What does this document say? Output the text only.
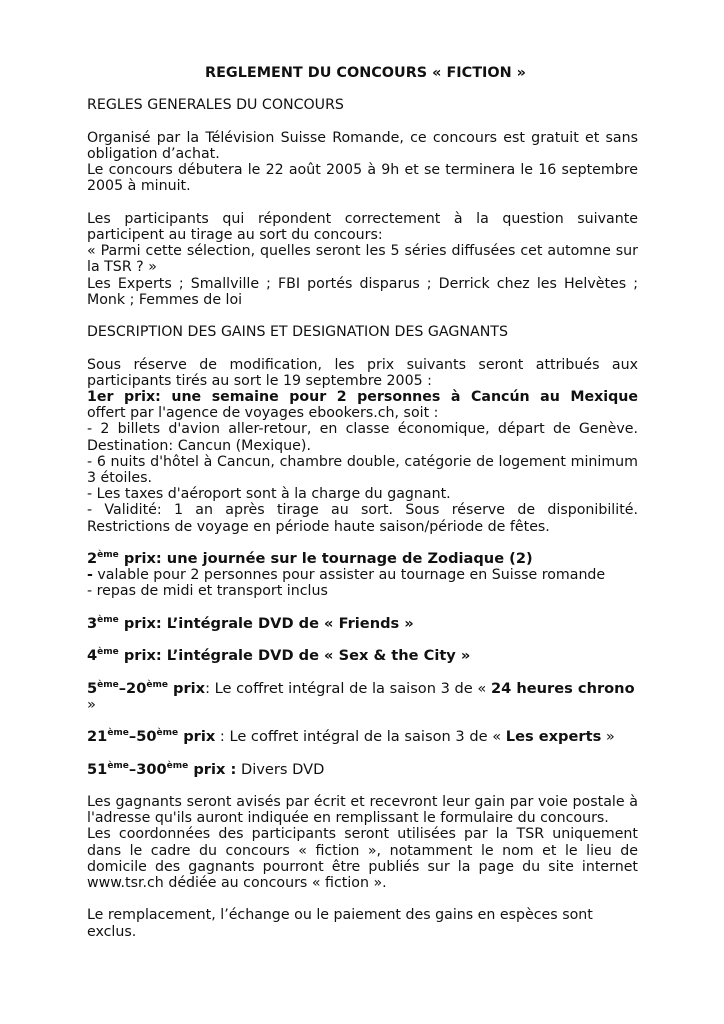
REGLEMENT DU CONCOURS « FICTION »

REGLES GENERALES DU CONCOURS

Organisé par la Télévision Suisse Romande, ce concours est gratuit et sans obligation d’achat.

Le concours débutera le 22 août 2005 à 9h et se terminera le 16 septembre 2005 à minuit.

Les participants qui répondent correctement à la question suivante participent au tirage au sort du concours:

« Parmi cette sélection, quelles seront les 5 séries diffusées cet automne sur la TSR ? »

Les Experts ; Smallville ; FBI portés disparus ; Derrick chez les Helvètes ; Monk ; Femmes de loi

DESCRIPTION DES GAINS ET DESIGNATION DES GAGNANTS

Sous réserve de modification, les prix suivants seront attribués aux participants tirés au sort le 19 septembre 2005 :

1er prix: une semaine pour 2 personnes à Cancún au Mexique

offert par l'agence de voyages ebookers.ch, soit :

- 2 billets d'avion aller-retour, en classe économique, départ de Genève. Destination: Cancun (Mexique).

- 6 nuits d'hôtel à Cancun, chambre double, catégorie de logement minimum 3 étoiles.

- Les taxes d'aéroport sont à la charge du gagnant.

- Validité: 1 an après tirage au sort. Sous réserve de disponibilité. Restrictions de voyage en période haute saison/période de fêtes.

2ème prix: une journée sur le tournage de Zodiaque (2)

- valable pour 2 personnes pour assister au tournage en Suisse romande

- repas de midi et transport inclus

3ème prix: L’intégrale DVD de « Friends »

4ème prix: L’intégrale DVD de « Sex & the City »

5ème–20ème prix: Le coffret intégral de la saison 3 de « 24 heures chrono »

21ème–50ème prix : Le coffret intégral de la saison 3 de « Les experts »

51ème–300ème prix : Divers DVD

Les gagnants seront avisés par écrit et recevront leur gain par voie postale à l'adresse qu'ils auront indiquée en remplissant le formulaire du concours.

Les coordonnées des participants seront utilisées par la TSR uniquement dans le cadre du concours « fiction », notamment le nom et le lieu de domicile des gagnants pourront être publiés sur la page du site internet www.tsr.ch dédiée au concours « fiction ».

Le remplacement, l’échange ou le paiement des gains en espèces sont exclus.
